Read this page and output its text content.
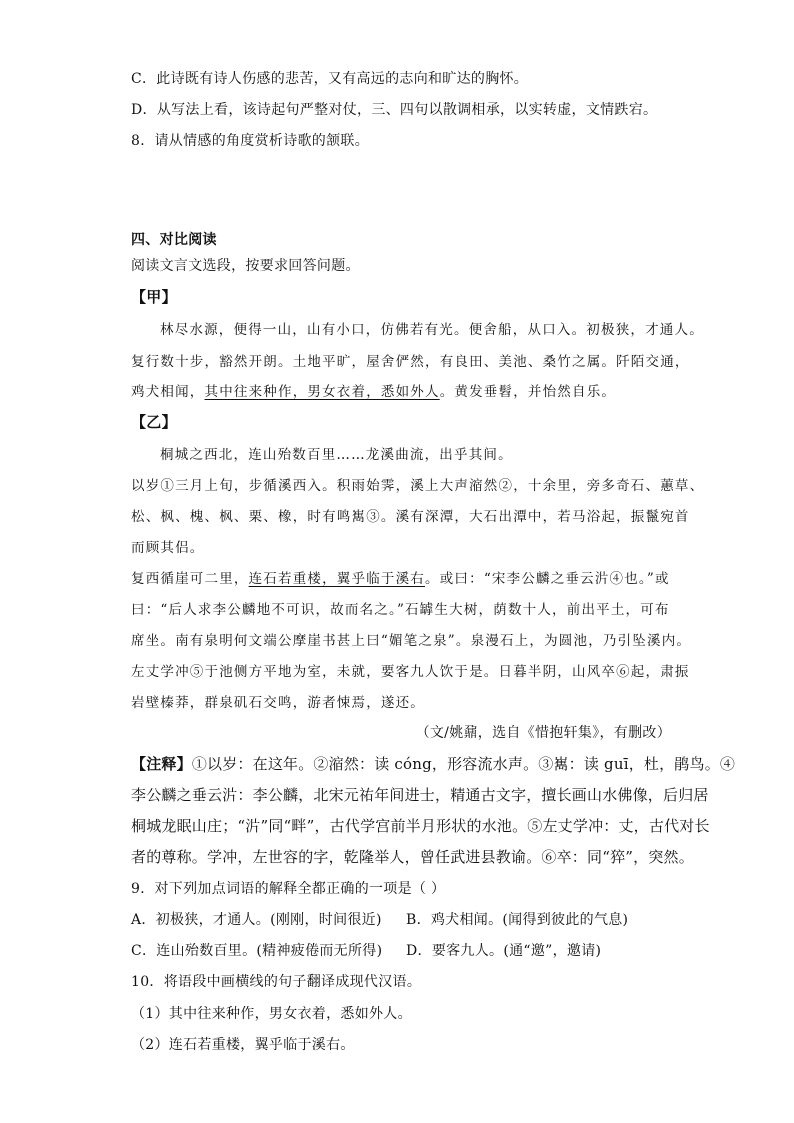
C．此诗既有诗人伤感的悲苦，又有高远的志向和旷达的胸怀。
D．从写法上看，该诗起句严整对仗，三、四句以散调相承，以实转虚，文情跌宕。
8．请从情感的角度赏析诗歌的颔联。
四、对比阅读
阅读文言文选段，按要求回答问题。
【甲】
林尽水源，便得一山，山有小口，仿佛若有光。便舍船，从口入。初极狭，才通人。
复行数十步，豁然开朗。土地平旷，屋舍俨然，有良田、美池、桑竹之属。阡陌交通，
鸡犬相闻，其中往来种作，男女衣着，悉如外人。黄发垂髫，并怡然自乐。
【乙】
桐城之西北，连山殆数百里……龙溪曲流，出乎其间。
以岁①三月上旬，步循溪西入。积雨始霁，溪上大声㴼然②，十余里，旁多奇石、蕙草、
松、枫、槐、枫、栗、橡，时有鸣嶲③。溪有深潭，大石出潭中，若马浴起，振鬣宛首
而顾其侣。
复西循崖可二里，连石若重楼，翼乎临于溪右。或曰：“宋李公麟之垂云沜④也。”或
曰：“后人求李公麟地不可识，故而名之。”石罅生大树，荫数十人，前出平土，可布
席坐。南有泉明何文端公摩崖书甚上曰“媚笔之泉”。泉漫石上，为圆池，乃引坠溪内。
左丈学冲⑤于池侧方平地为室，未就，要客九人饮于是。日暮半阴，山风卒⑥起，肃振
岩壁榛莽，群泉矶石交鸣，游者悚焉，遂还。
（文/姚鼐，选自《惜抱轩集》，有删改）
【注释】①以岁：在这年。②㴼然：读 cóng，形容流水声。③嶲：读 guī，杜，鹃鸟。④
李公麟之垂云沜：李公麟，北宋元祐年间进士，精通古文字，擅长画山水佛像，后归居
桐城龙眠山庄；“沜”同“畔”，古代学宫前半月形状的水池。⑤左丈学冲：丈，古代对长
者的尊称。学冲，左世容的字，乾隆举人，曾任武进县教谕。⑥卒：同“猝”，突然。
9．对下列加点词语的解释全都正确的一项是（ ）
A．初极狭，才通人。(刚刚，时间很近) B．鸡犬相闻。(闻得到彼此的气息)
C．连山殆数百里。(精神疲倦而无所得) D．要客九人。(通“邀”，邀请)
10．将语段中画横线的句子翻译成现代汉语。
（1）其中往来种作，男女衣着，悉如外人。
（2）连石若重楼，翼乎临于溪右。
